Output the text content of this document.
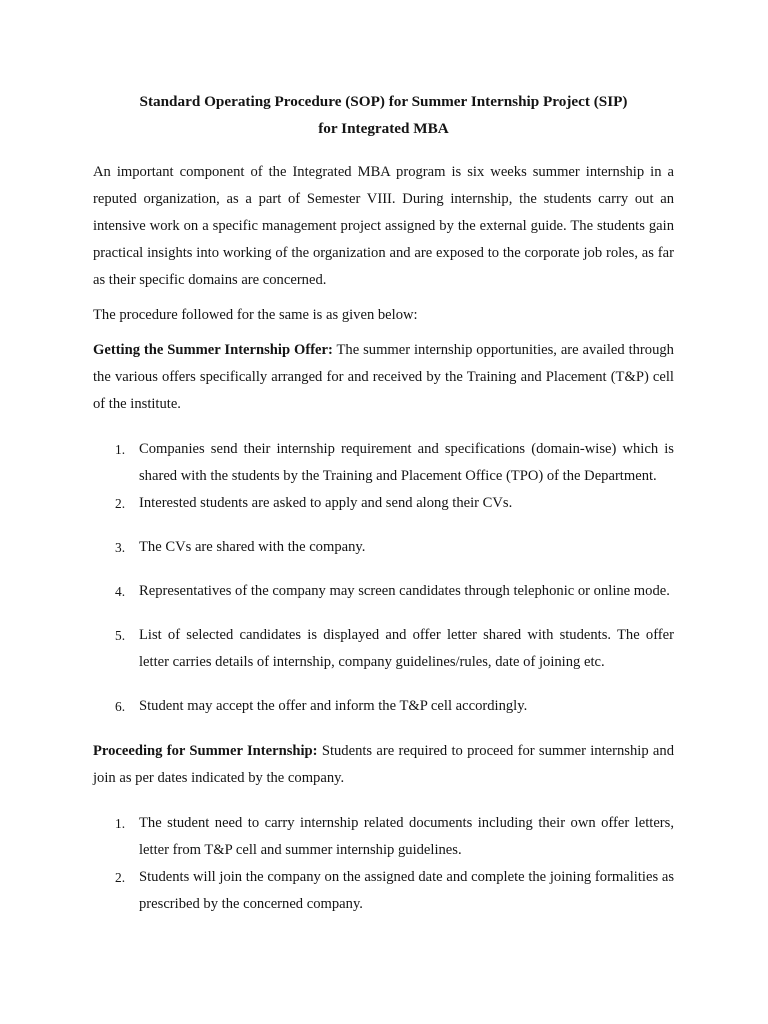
Standard Operating Procedure (SOP) for Summer Internship Project (SIP)
for Integrated MBA

An important component of the Integrated MBA program is six weeks summer internship in a reputed organization, as a part of Semester VIII. During internship, the students carry out an intensive work on a specific management project assigned by the external guide. The students gain practical insights into working of the organization and are exposed to the corporate job roles, as far as their specific domains are concerned.

The procedure followed for the same is as given below:

Getting the Summer Internship Offer: The summer internship opportunities, are availed through the various offers specifically arranged for and received by the Training and Placement (T&P) cell of the institute.

1. Companies send their internship requirement and specifications (domain-wise) which is shared with the students by the Training and Placement Office (TPO) of the Department.
2. Interested students are asked to apply and send along their CVs.
3. The CVs are shared with the company.
4. Representatives of the company may screen candidates through telephonic or online mode.
5. List of selected candidates is displayed and offer letter shared with students. The offer letter carries details of internship, company guidelines/rules, date of joining etc.
6. Student may accept the offer and inform the T&P cell accordingly.

Proceeding for Summer Internship: Students are required to proceed for summer internship and join as per dates indicated by the company.

1. The student need to carry internship related documents including their own offer letters, letter from T&P cell and summer internship guidelines.
2. Students will join the company on the assigned date and complete the joining formalities as prescribed by the concerned company.
